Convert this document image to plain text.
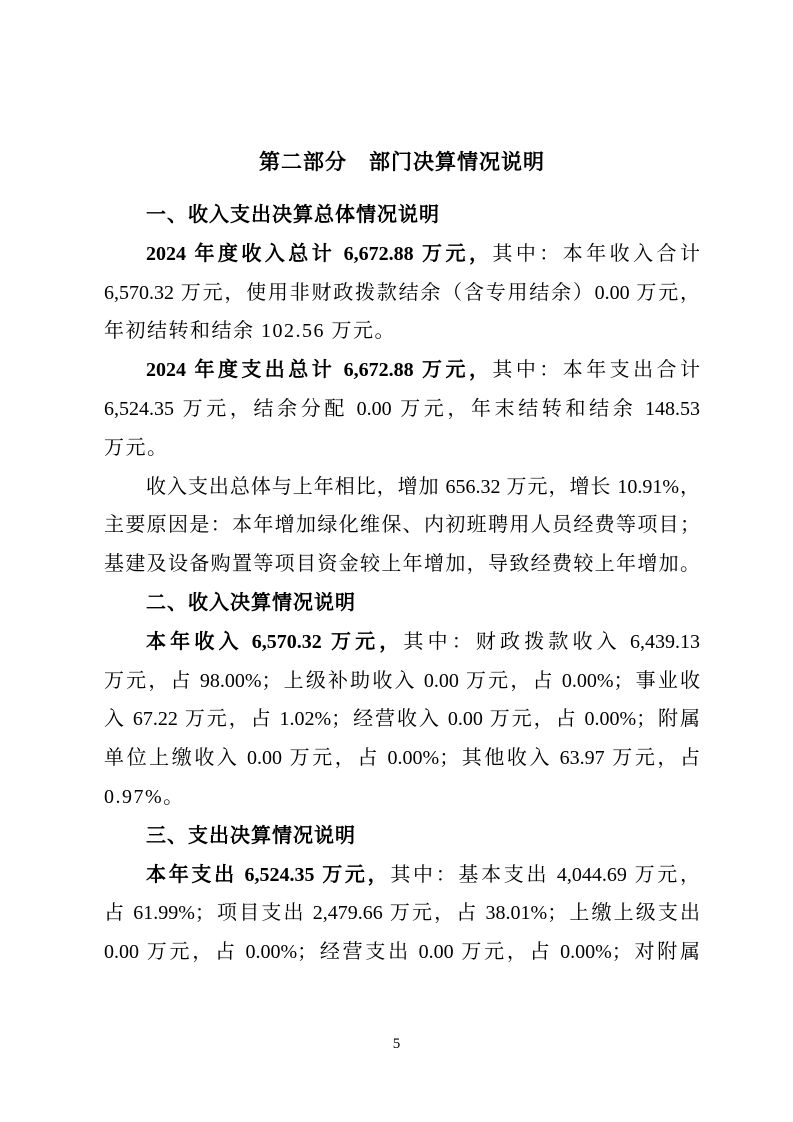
第二部分　部门决算情况说明
一、收入支出决算总体情况说明
2024 年度收入总计 6,672.88 万元，其中：本年收入合计
6,570.32 万元，使用非财政拨款结余（含专用结余）0.00 万元，
年初结转和结余 102.56 万元。
2024 年度支出总计 6,672.88 万元，其中：本年支出合计
6,524.35 万元，结余分配 0.00 万元，年末结转和结余 148.53
万元。
收入支出总体与上年相比，增加 656.32 万元，增长 10.91%，
主要原因是：本年增加绿化维保、内初班聘用人员经费等项目；
基建及设备购置等项目资金较上年增加，导致经费较上年增加。
二、收入决算情况说明
本年收入 6,570.32 万元，其中：财政拨款收入 6,439.13
万元，占 98.00%；上级补助收入 0.00 万元，占 0.00%；事业收
入 67.22 万元，占 1.02%；经营收入 0.00 万元，占 0.00%；附属
单位上缴收入 0.00 万元，占 0.00%；其他收入 63.97 万元，占
0.97%。
三、支出决算情况说明
本年支出 6,524.35 万元，其中：基本支出 4,044.69 万元，
占 61.99%；项目支出 2,479.66 万元，占 38.01%；上缴上级支出
0.00 万元，占 0.00%；经营支出 0.00 万元，占 0.00%；对附属
5
